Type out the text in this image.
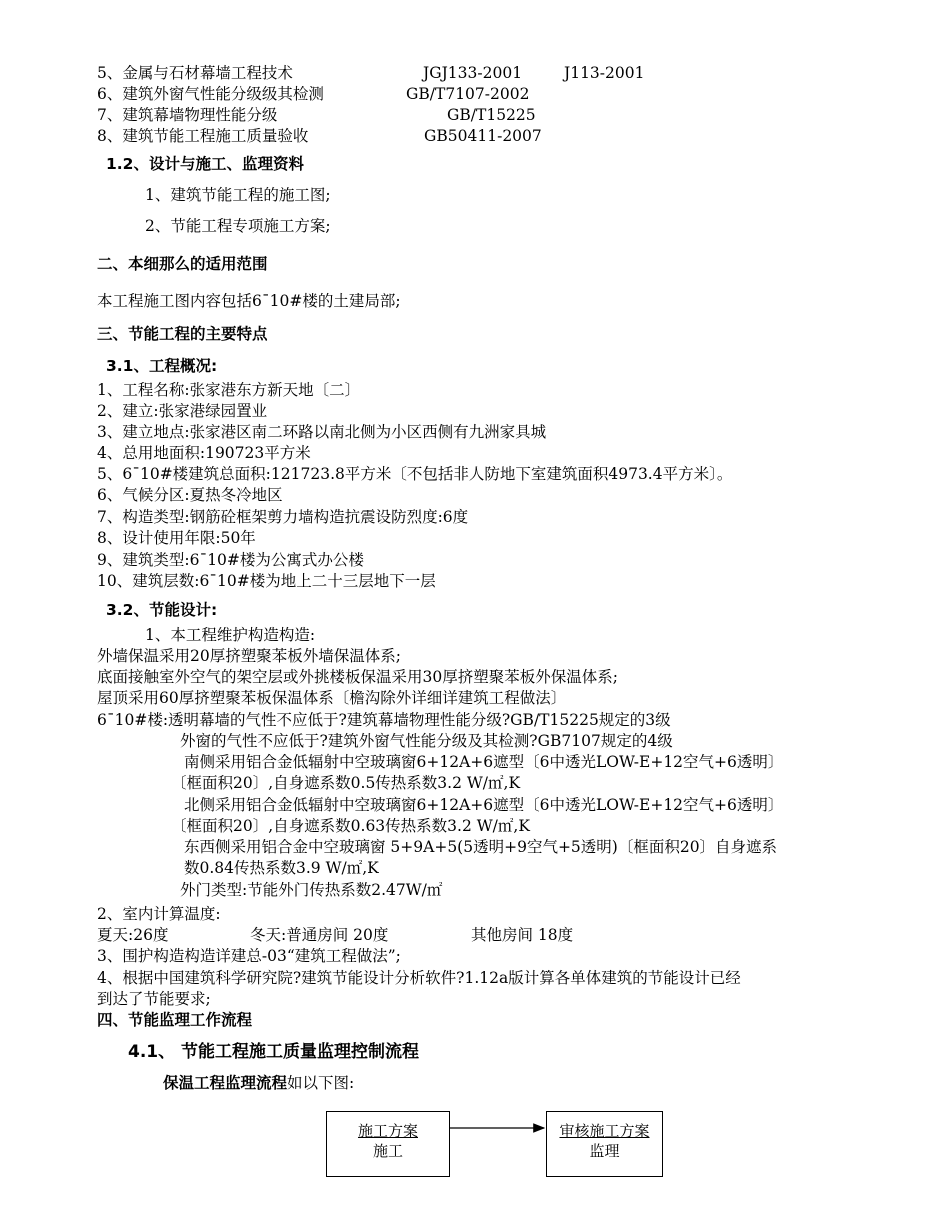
5、金属与石材幕墙工程技术	JGJ133-2001	J113-2001
6、建筑外窗气性能分级级其检测	GB/T7107-2002
7、建筑幕墙物理性能分级	GB/T15225
8、建筑节能工程施工质量验收	GB50411-2007
1.2、设计与施工、监理资料
1、建筑节能工程的施工图;
2、节能工程专项施工方案;
二、本细那么的适用范围
本工程施工图内容包括6¯10#楼的土建局部;
三、节能工程的主要特点
3.1、工程概况:
1、工程名称:张家港东方新天地〔二〕
2、建立:张家港绿园置业
3、建立地点:张家港区南二环路以南北侧为小区西侧有九洲家具城
4、总用地面积:190723平方米
5、6¯10#楼建筑总面积:121723.8平方米〔不包括非人防地下室建筑面积4973.4平方米〕。
6、气候分区:夏热冬冷地区
7、构造类型:钢筋砼框架剪力墙构造抗震设防烈度:6度
8、设计使用年限:50年
9、建筑类型:6¯10#楼为公寓式办公楼
10、建筑层数:6¯10#楼为地上二十三层地下一层
3.2、节能设计:
1、本工程维护构造构造:
外墙保温采用20厚挤塑聚苯板外墙保温体系;
底面接触室外空气的架空层或外挑楼板保温采用30厚挤塑聚苯板外保温体系;
屋顶采用60厚挤塑聚苯板保温体系〔檐沟除外详细详建筑工程做法〕
6¯10#楼:透明幕墙的气性不应低于?建筑幕墙物理性能分级?GB/T15225规定的3级
外窗的气性不应低于?建筑外窗气性能分级及其检测?GB7107规定的4级
南侧采用铝合金低辐射中空玻璃窗6+12A+6遮型〔6中透光LOW-E+12空气+6透明〕
〔框面积20〕,自身遮系数0.5传热系数3.2 W/㎡,K
北侧采用铝合金低辐射中空玻璃窗6+12A+6遮型〔6中透光LOW-E+12空气+6透明〕
〔框面积20〕,自身遮系数0.63传热系数3.2 W/㎡,K
东西侧采用铝合金中空玻璃窗 5+9A+5(5透明+9空气+5透明)〔框面积20〕自身遮系
数0.84传热系数3.9 W/㎡,K
外门类型:节能外门传热系数2.47W/㎡
2、室内计算温度:
夏天:26度	冬天:普通房间 20度	其他房间 18度
3、围护构造构造详建总-03“建筑工程做法”;
4、根据中国建筑科学研究院?建筑节能设计分析软件?1.12a版计算各单体建筑的节能设计已经
到达了节能要求;
四、节能监理工作流程
4.1、 节能工程施工质量监理控制流程
保温工程监理流程如以下图:
施工方案
施工
审核施工方案
监理
